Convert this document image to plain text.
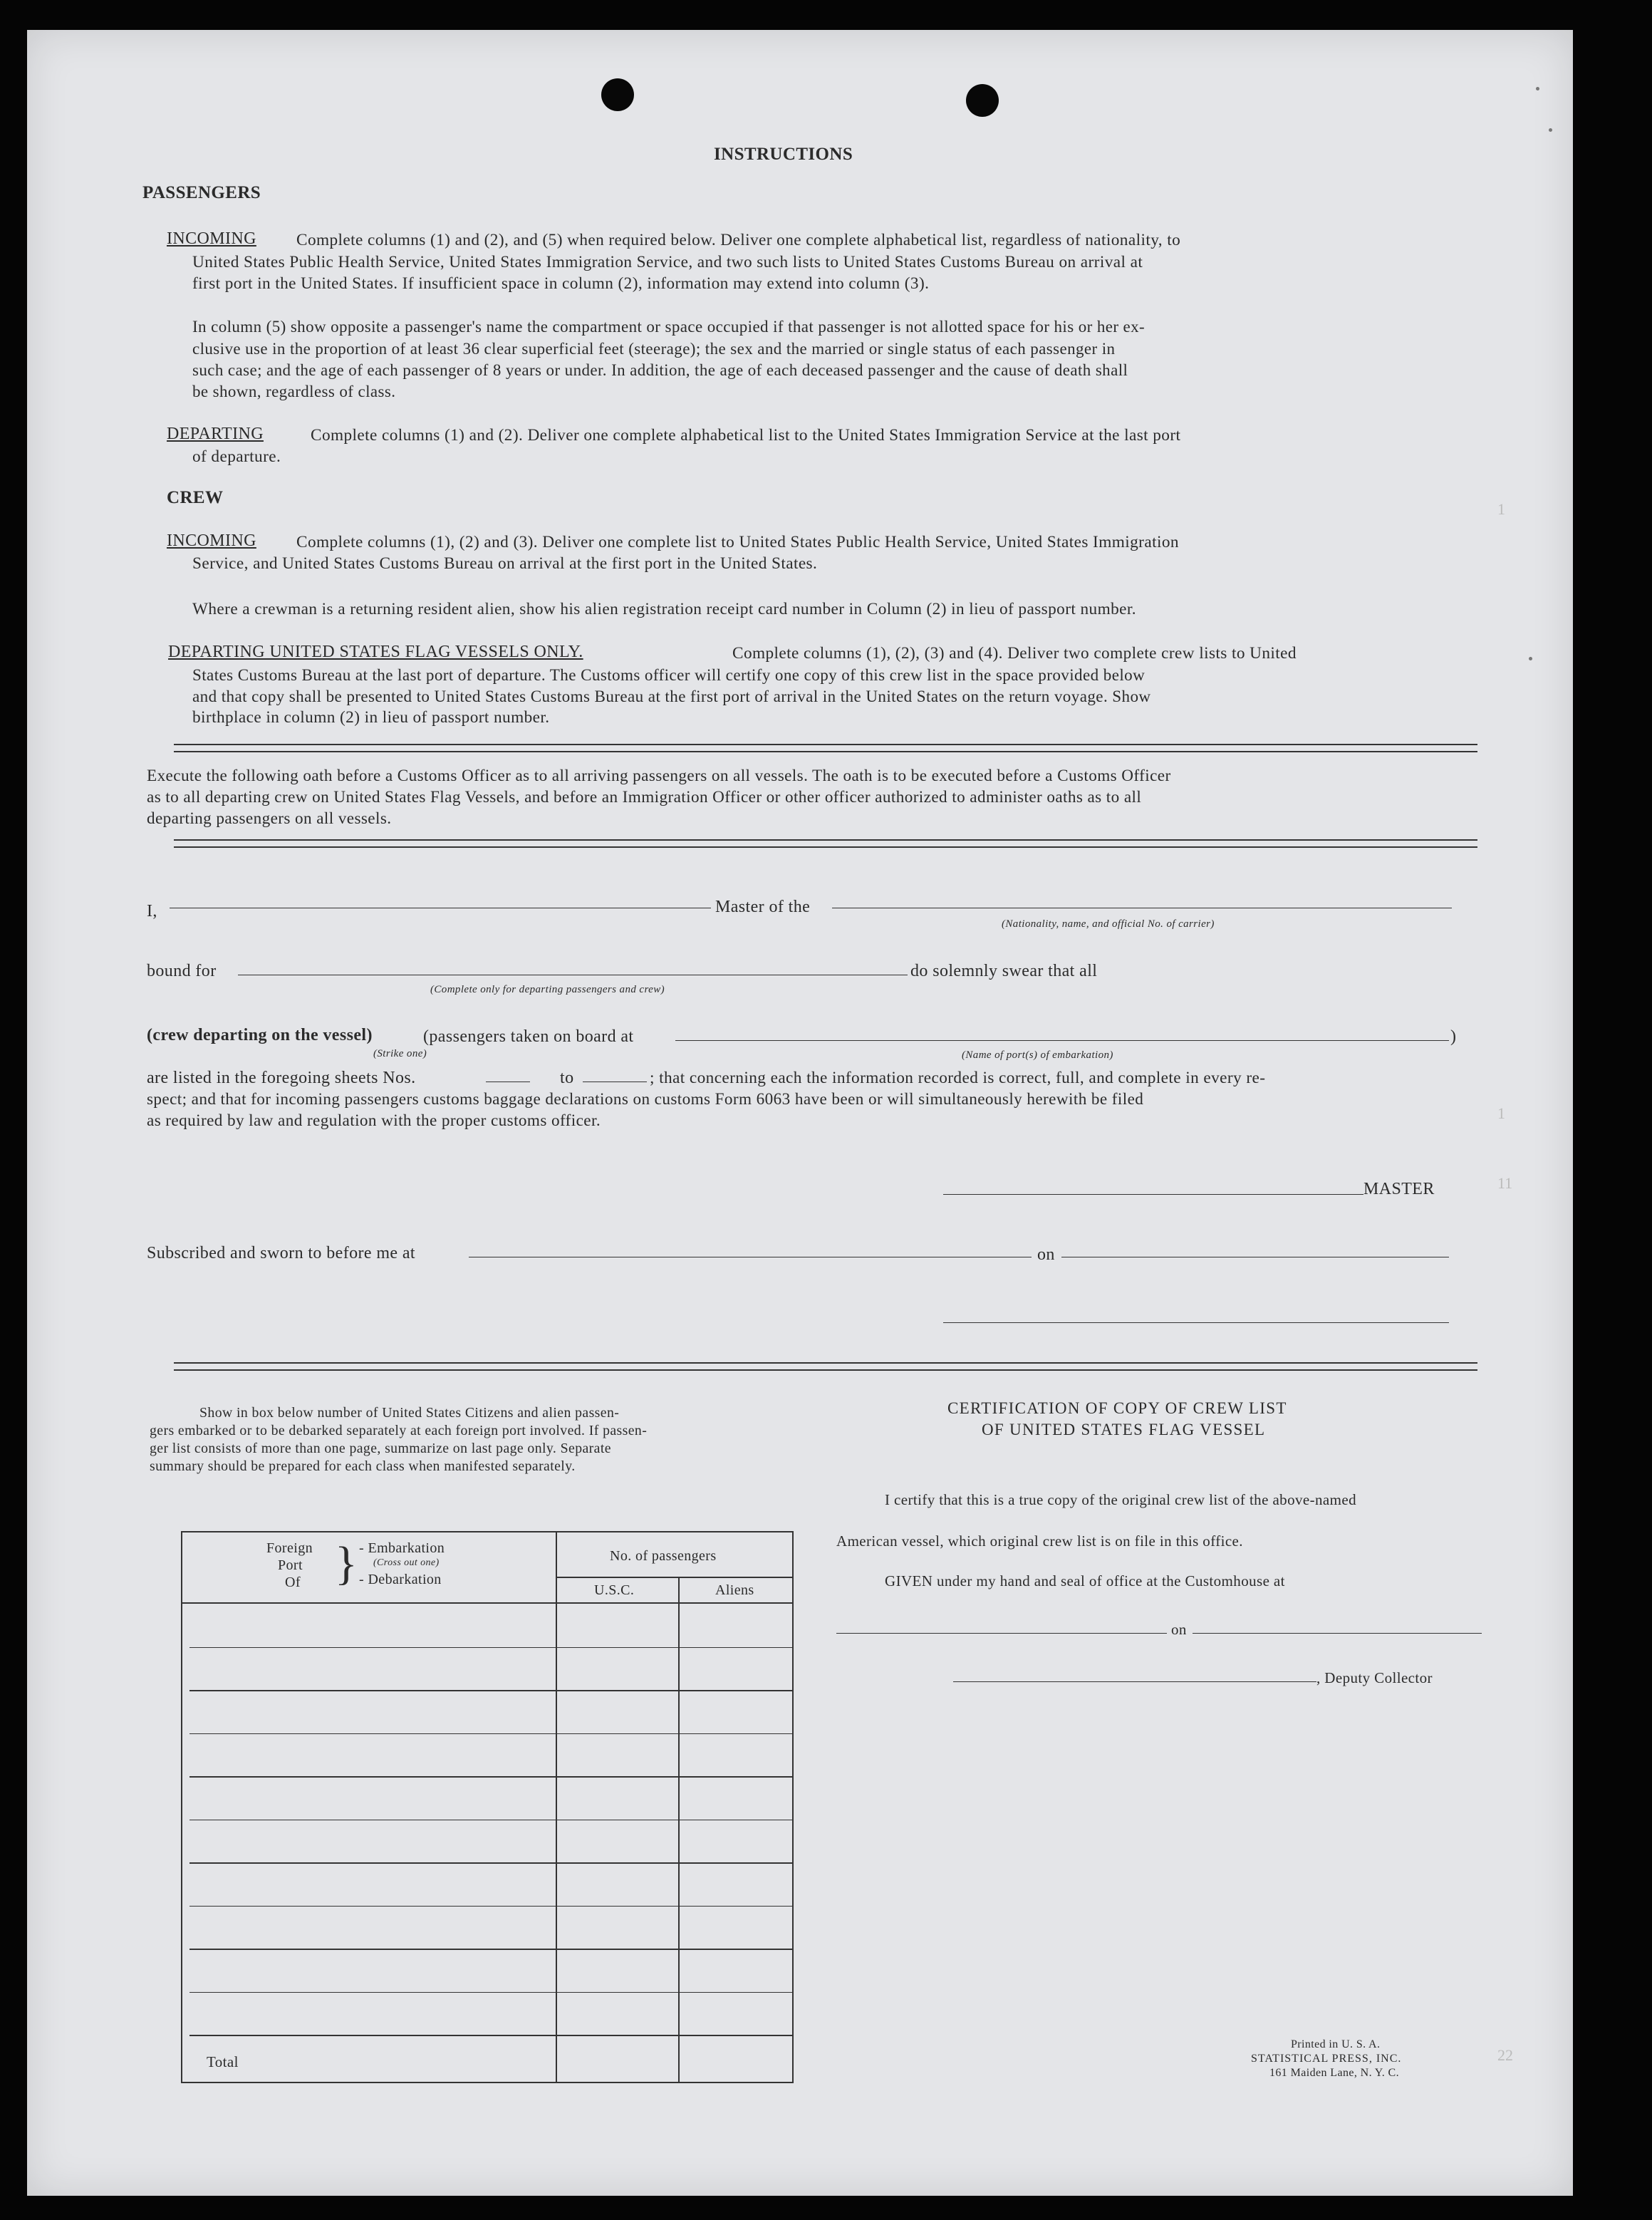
INSTRUCTIONS
PASSENGERS
INCOMING Complete columns (1) and (2), and (5) when required below. Deliver one complete alphabetical list, regardless of nationality, to
United States Public Health Service, United States Immigration Service, and two such lists to United States Customs Bureau on arrival at
first port in the United States. If insufficient space in column (2), information may extend into column (3).
In column (5) show opposite a passenger's name the compartment or space occupied if that passenger is not allotted space for his or her ex-
clusive use in the proportion of at least 36 clear superficial feet (steerage); the sex and the married or single status of each passenger in
such case; and the age of each passenger of 8 years or under. In addition, the age of each deceased passenger and the cause of death shall
be shown, regardless of class.
DEPARTING	Complete columns (1) and (2). Deliver one complete alphabetical list to the United States Immigration Service at the last port
of departure.
CREW
INCOMING Complete columns (1), (2) and (3). Deliver one complete list to United States Public Health Service, United States Immigration
Service, and United States Customs Bureau on arrival at the first port in the United States.
Where a crewman is a returning resident alien, show his alien registration receipt card number in Column (2) in lieu of passport number.
DEPARTING UNITED STATES FLAG VESSELS ONLY.	Complete columns (1), (2), (3) and (4). Deliver two complete crew lists to United
States Customs Bureau at the last port of departure. The Customs officer will certify one copy of this crew list in the space provided below
and that copy shall be presented to United States Customs Bureau at the first port of arrival in the United States on the return voyage. Show
birthplace in column (2) in lieu of passport number.
Execute the following oath before a Customs Officer as to all arriving passengers on all vessels. The oath is to be executed before a Customs Officer
as to all departing crew on United States Flag Vessels, and before an Immigration Officer or other officer authorized to administer oaths as to all
departing passengers on all vessels.
I,	Master of the
(Nationality, name, and official No. of carrier)
bound for
(Complete only for departing passengers and crew)
do solemnly swear that all
(crew departing on the vessel)
(Strike one)
(passengers taken on board at	)
(Name of port(s) of embarkation)
are listed in the foregoing sheets Nos.	to	; that concerning each the information recorded is correct, full, and complete in every re-
spect; and that for incoming passengers customs baggage declarations on customs Form 6063 have been or will simultaneously herewith be filed
as required by law and regulation with the proper customs officer.
MASTER
Subscribed and sworn to before me at	on
Show in box below number of United States Citizens and alien passen-
gers embarked or to be debarked separately at each foreign port involved. If passen-
ger list consists of more than one page, summarize on last page only. Separate
summary should be prepared for each class when manifested separately.
Foreign
Port
Of } - Embarkation
(Cross out one)
- Debarkation
No. of passengers
U.S.C.	Aliens
Total
CERTIFICATION OF COPY OF CREW LIST
OF UNITED STATES FLAG VESSEL
I certify that this is a true copy of the original crew list of the above-named
American vessel, which original crew list is on file in this office.
GIVEN under my hand and seal of office at the Customhouse at
on
, Deputy Collector
Printed in U. S. A.
STATISTICAL PRESS, INC.
161 Maiden Lane, N. Y. C.
1
1
11
22
